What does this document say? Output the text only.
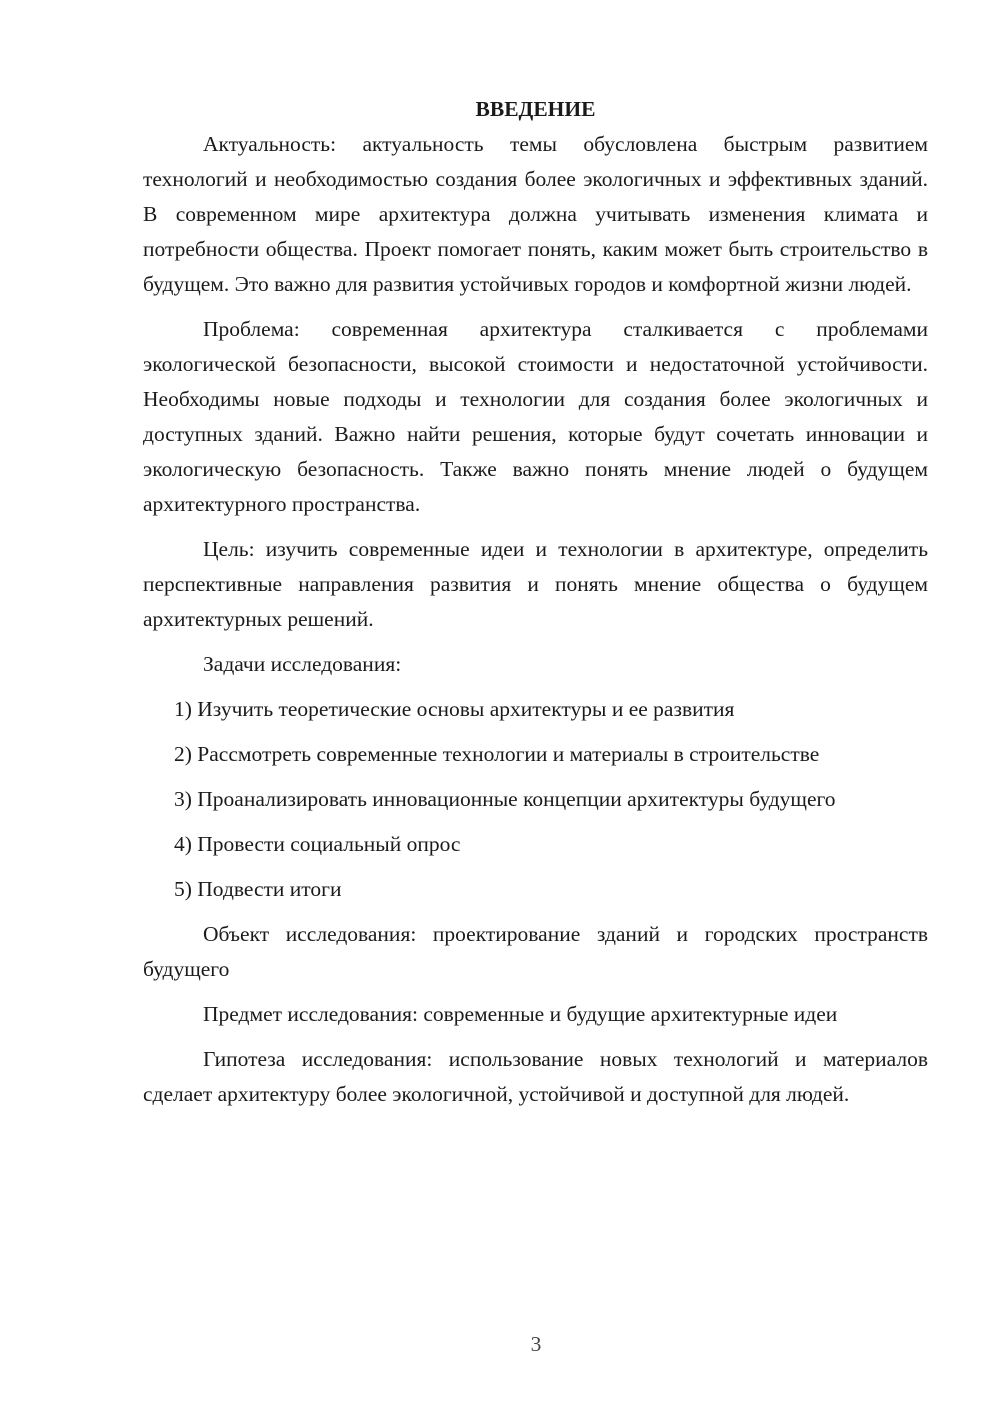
ВВЕДЕНИЕ

Актуальность: актуальность темы обусловлена быстрым развитием технологий и необходимостью создания более экологичных и эффективных зданий. В современном мире архитектура должна учитывать изменения климата и потребности общества. Проект помогает понять, каким может быть строительство в будущем. Это важно для развития устойчивых городов и комфортной жизни людей.

Проблема: современная архитектура сталкивается с проблемами экологической безопасности, высокой стоимости и недостаточной устойчивости. Необходимы новые подходы и технологии для создания более экологичных и доступных зданий. Важно найти решения, которые будут сочетать инновации и экологическую безопасность. Также важно понять мнение людей о будущем архитектурного пространства.

Цель: изучить современные идеи и технологии в архитектуре, определить перспективные направления развития и понять мнение общества о будущем архитектурных решений.

Задачи исследования:

1) Изучить теоретические основы архитектуры и ее развития

2) Рассмотреть современные технологии и материалы в строительстве

3) Проанализировать инновационные концепции архитектуры будущего

4) Провести социальный опрос

5) Подвести итоги

Объект исследования: проектирование зданий и городских пространств будущего

Предмет исследования: современные и будущие архитектурные идеи

Гипотеза исследования: использование новых технологий и материалов сделает архитектуру более экологичной, устойчивой и доступной для людей.

3
